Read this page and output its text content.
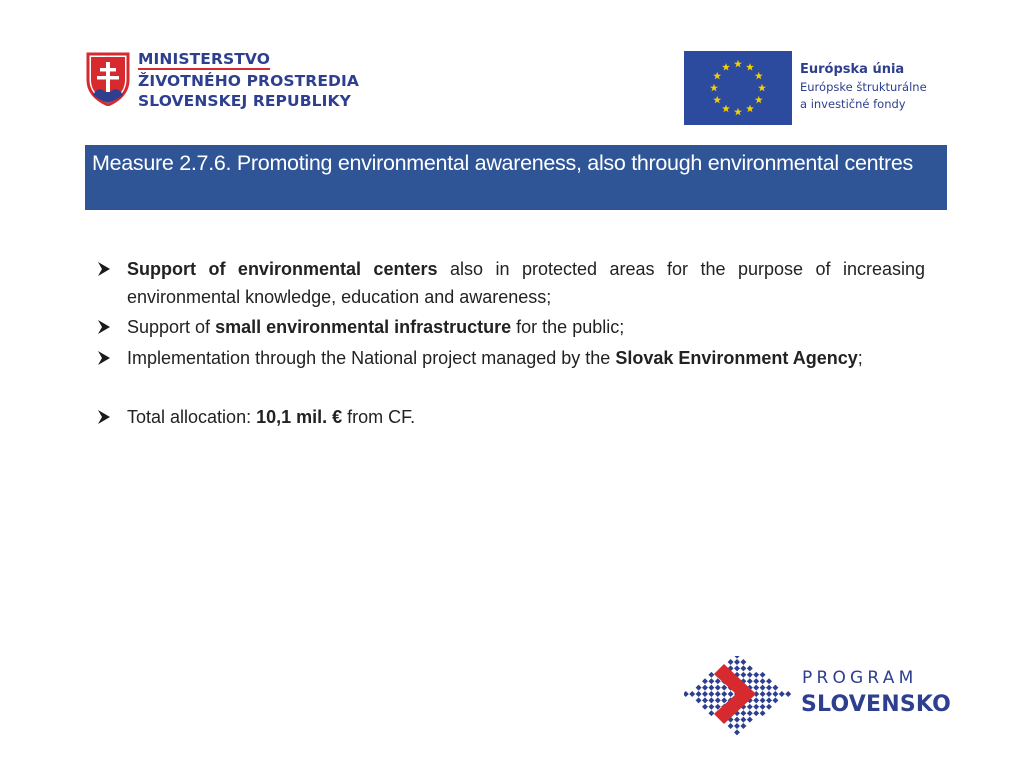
MINISTERSTVO
ŽIVOTNÉHO PROSTREDIA
SLOVENSKEJ REPUBLIKY
Európska únia
Európske štrukturálne
a investičné fondy
Measure 2.7.6. Promoting environmental awareness, also through environmental centres
Support of environmental centers also in protected areas for the purpose of increasing environmental knowledge, education and awareness;
Support of small environmental infrastructure for the public;
Implementation through the National project managed by the Slovak Environment Agency;
Total allocation: 10,1 mil. € from CF.
PROGRAM
SLOVENSKO
